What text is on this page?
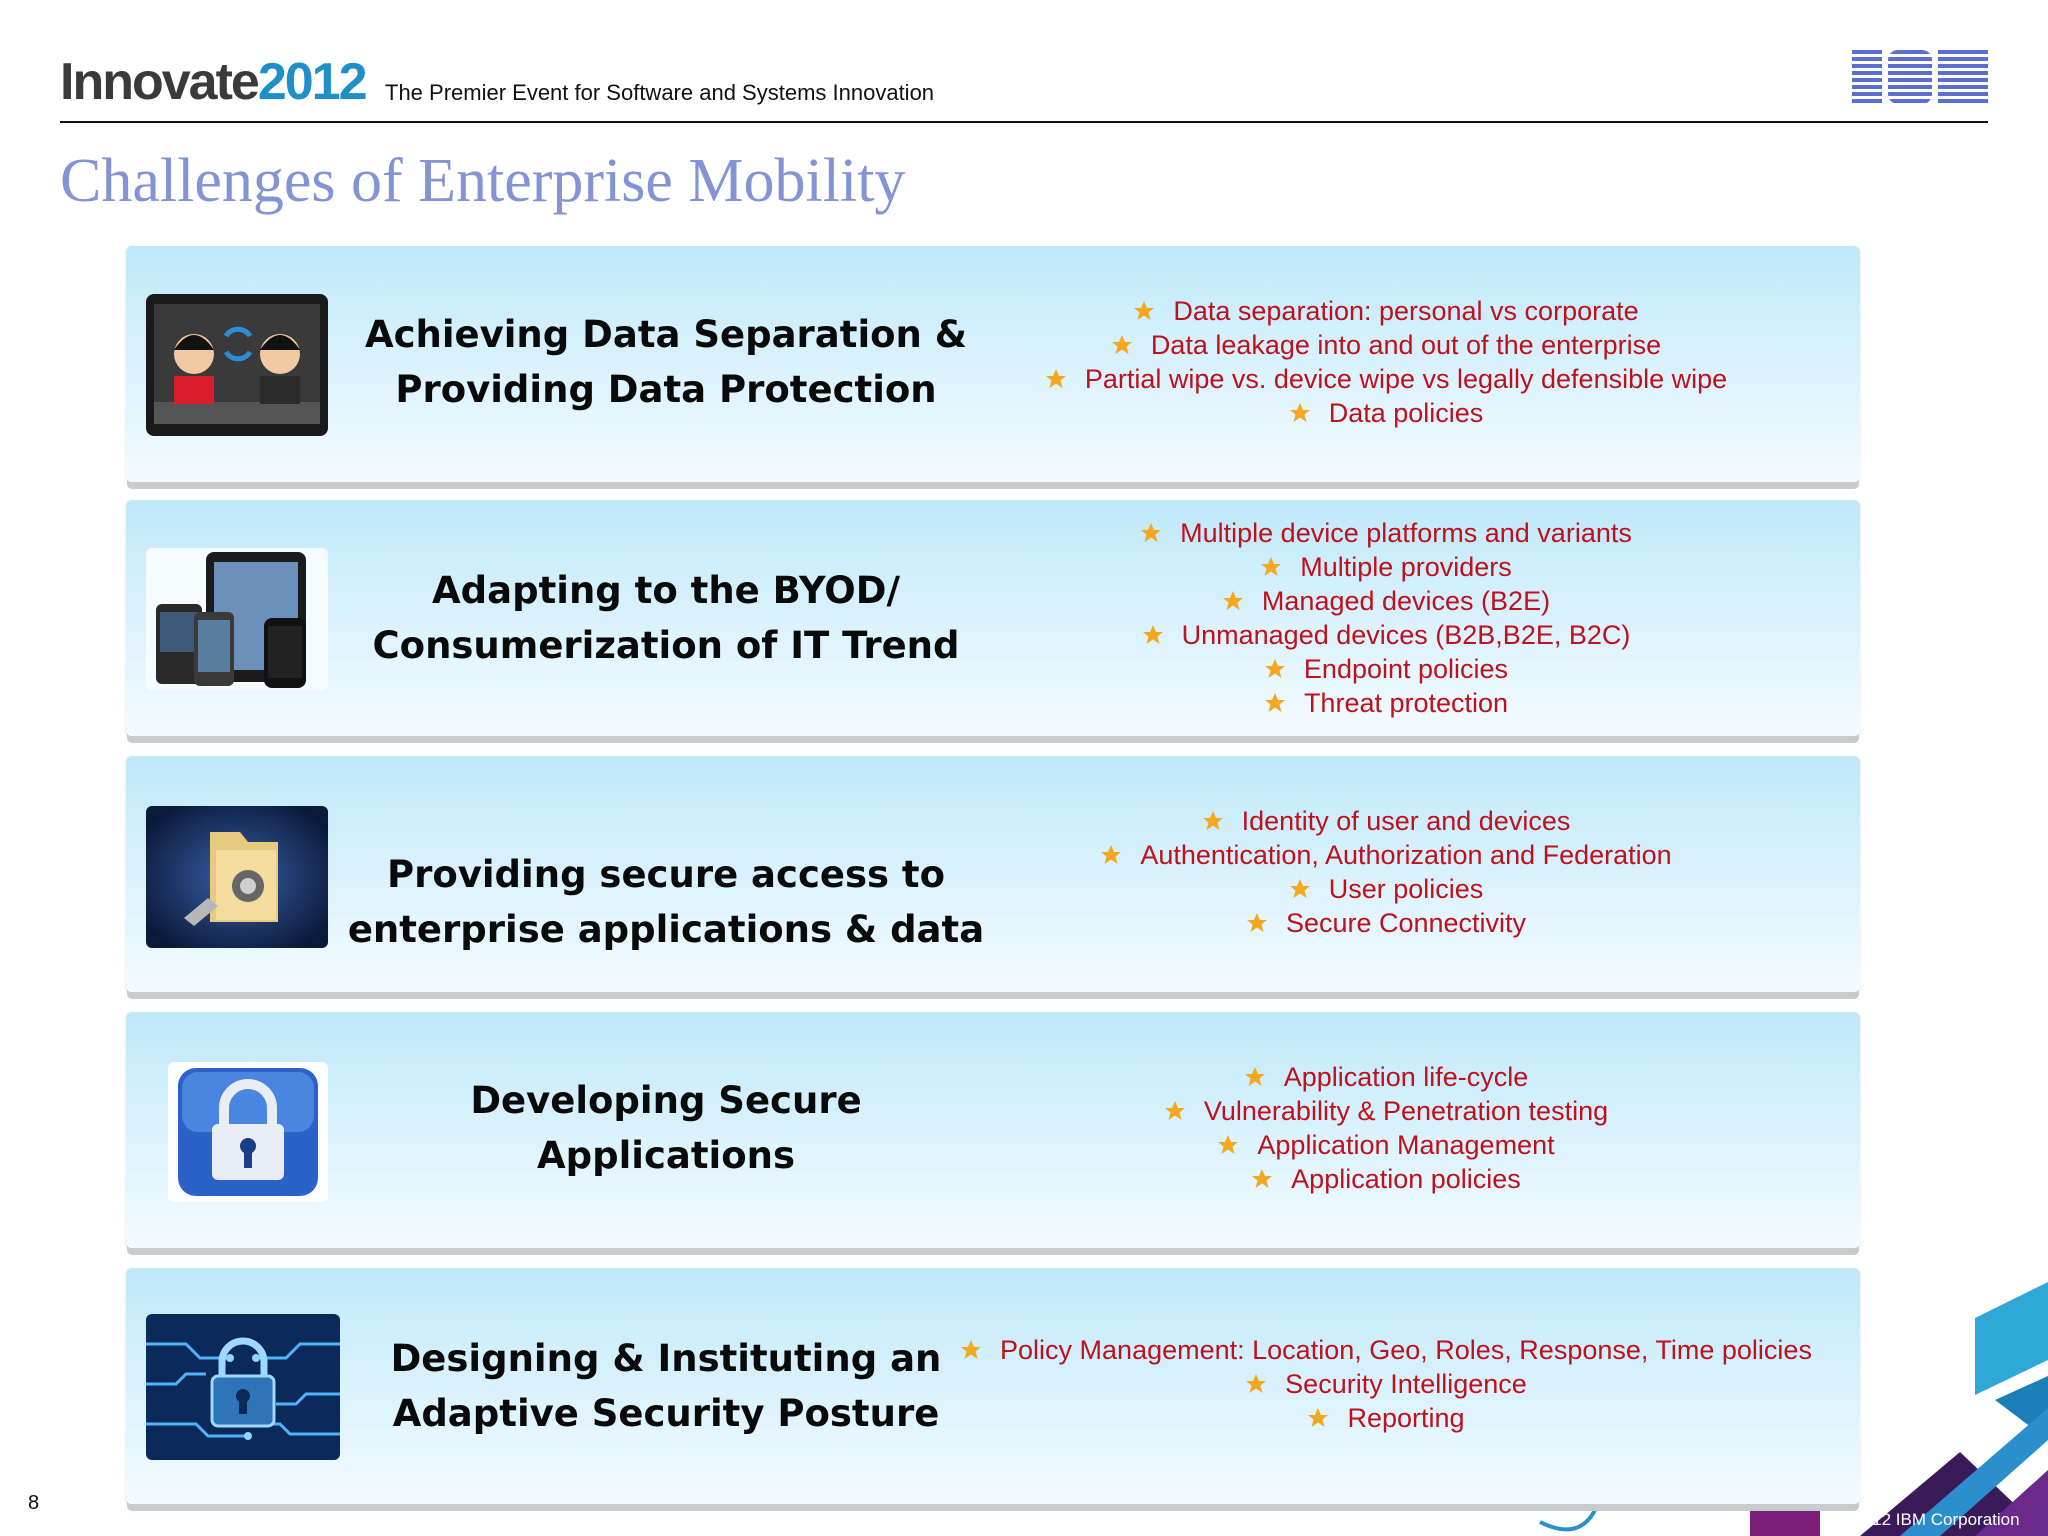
Innovate2012 The Premier Event for Software and Systems Innovation
Challenges of Enterprise Mobility
Achieving Data Separation & Providing Data Protection
Data separation: personal vs corporate
Data leakage into and out of the enterprise
Partial wipe vs. device wipe vs legally defensible wipe
Data policies
Adapting to the BYOD/ Consumerization of IT Trend
Multiple device platforms and variants
Multiple providers
Managed devices (B2E)
Unmanaged devices (B2B,B2E, B2C)
Endpoint policies
Threat protection
Providing secure access to enterprise applications & data
Identity of user and devices
Authentication, Authorization and Federation
User policies
Secure Connectivity
Developing Secure Applications
Application life-cycle
Vulnerability & Penetration testing
Application Management
Application policies
Designing & Instituting an Adaptive Security Posture
Policy Management: Location, Geo, Roles, Response, Time policies
Security Intelligence
Reporting
8
© 2012 IBM Corporation
